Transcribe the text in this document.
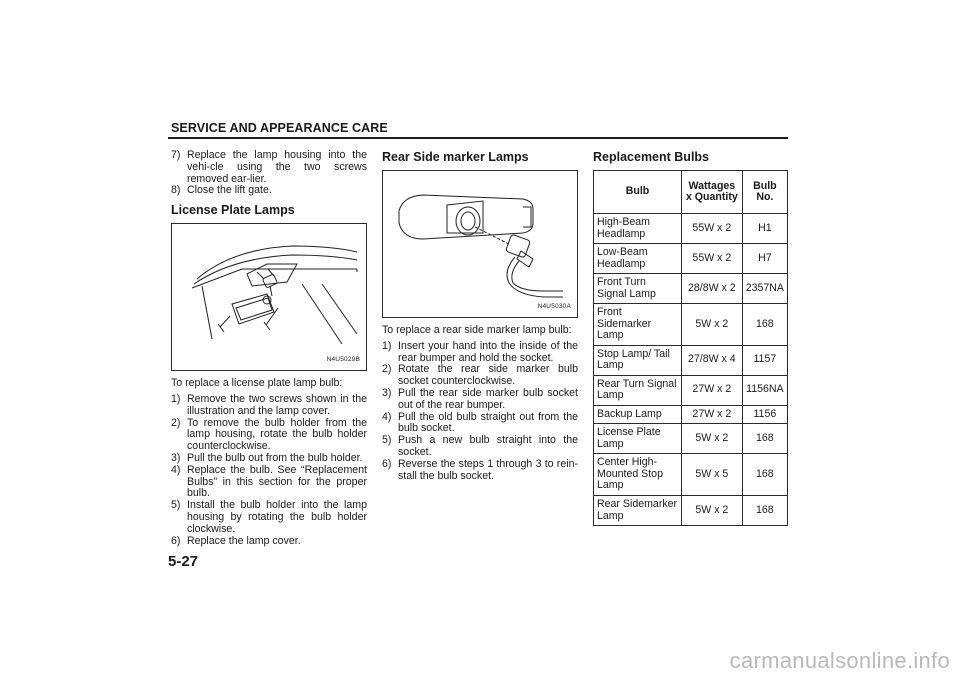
SERVICE AND APPEARANCE CARE
7) Replace the lamp housing into the vehi-cle using the two screws removed ear-lier.
8) Close the lift gate.
License Plate Lamps
N4U5029B
To replace a license plate lamp bulb:
1) Remove the two screws shown in the illustration and the lamp cover.
2) To remove the bulb holder from the lamp housing, rotate the bulb holder counterclockwise.
3) Pull the bulb out from the bulb holder.
4) Replace the bulb. See “Replacement Bulbs” in this section for the proper bulb.
5) Install the bulb holder into the lamp housing by rotating the bulb holder clockwise.
6) Replace the lamp cover.
Rear Side marker Lamps
N4U5030A
To replace a rear side marker lamp bulb:
1) Insert your hand into the inside of the rear bumper and hold the socket.
2) Rotate the rear side marker bulb socket counterclockwise.
3) Pull the rear side marker bulb socket out of the rear bumper.
4) Pull the old bulb straight out from the bulb socket.
5) Push a new bulb straight into the socket.
6) Reverse the steps 1 through 3 to rein-stall the bulb socket.
Replacement Bulbs
Bulb	Wattages x Quantity	Bulb No.
High-Beam Headlamp	55W x 2	H1
Low-Beam Headlamp	55W x 2	H7
Front Turn Signal Lamp	28/8W x 2	2357NA
Front Sidemarker Lamp	5W x 2	168
Stop Lamp/ Tail Lamp	27/8W x 4	1157
Rear Turn Signal Lamp	27W x 2	1156NA
Backup Lamp	27W x 2	1156
License Plate Lamp	5W x 2	168
Center High-Mounted Stop Lamp	5W x 5	168
Rear Sidemarker Lamp	5W x 2	168
5-27
carmanualsonline.info
